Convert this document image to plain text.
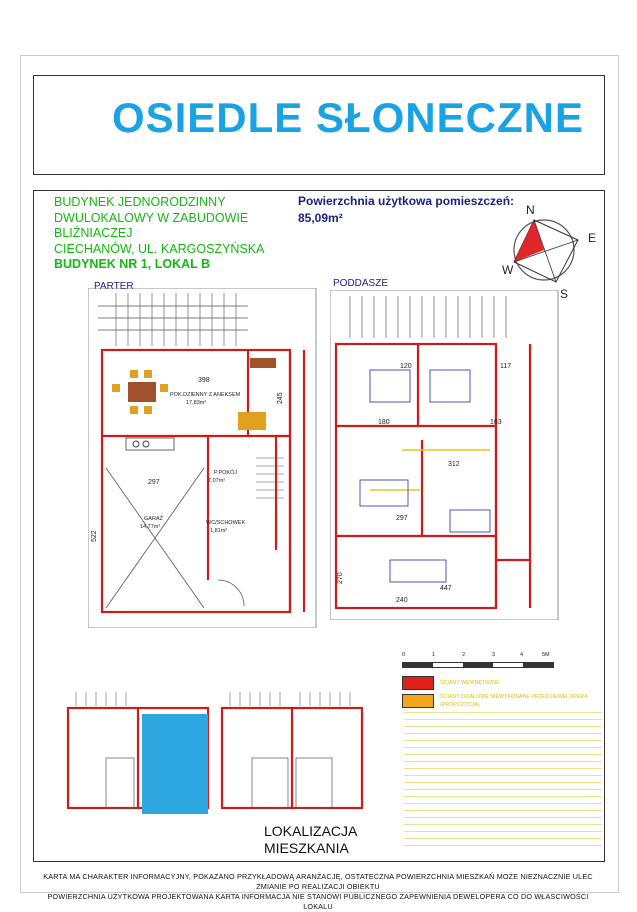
OSIEDLE SŁONECZNE
BUDYNEK JEDNORODZINNY
DWULOKALOWY W ZABUDOWIE
BLIŹNIACZEJ
CIECHANÓW, UL. KARGOSZYŃSKA
BUDYNEK NR 1, LOKAL B
Powierzchnia użytkowa pomieszczeń:
85,09m²
N
E
W
S
PARTER	PODDASZE
297
398
522
245
POK.DZIENNY Z ANEKSEM
17,83m²
P.POKÓJ
7,07m²
GARAŻ
14,77m²
WC/SCHOWEK
1,81m²
120	117
180	163
312
297
447
270
240
0	1	2	3	4	5M
ŚCIANY WEWNĘTRZNE
ŚCIANY DZIAŁOWE NIEWYKONANE PRZEZ DEWELOPERA (PROPOZYCJA)
LOKALIZACJA
MIESZKANIA
KARTA MA CHARAKTER INFORMACYJNY, POKAZANO PRZYKŁADOWĄ ARANŻACJĘ, OSTATECZNA POWIERZCHNIA MIESZKAŃ MOŻE NIEZNACZNIE ULEC ZMIANIE PO REALIZACJI OBIEKTU
POWIERZCHNIA UŻYTKOWA PROJEKTOWANA KARTA INFORMACJA NIE STANOWI PUBLICZNEGO ZAPEWNIENIA DEWELOPERA CO DO WŁASCIWOŚCI LOKALU
